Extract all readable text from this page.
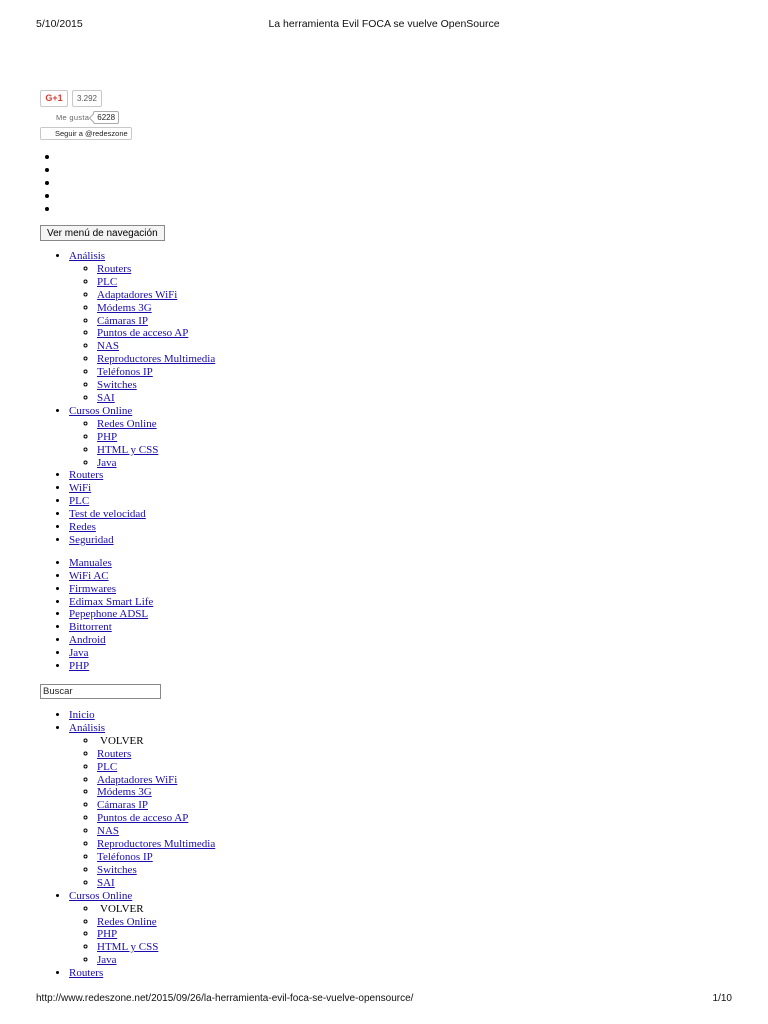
5/10/2015	La herramienta Evil FOCA se vuelve OpenSource
G+1	3.292
Me gusta	6228
Seguir a @redeszone
•
•
•
•
•
Ver menú de navegación
• Análisis
◦ Routers
◦ PLC
◦ Adaptadores WiFi
◦ Módems 3G
◦ Cámaras IP
◦ Puntos de acceso AP
◦ NAS
◦ Reproductores Multimedia
◦ Teléfonos IP
◦ Switches
◦ SAI
• Cursos Online
◦ Redes Online
◦ PHP
◦ HTML y CSS
◦ Java
• Routers
• WiFi
• PLC
• Test de velocidad
• Redes
• Seguridad
• Manuales
• WiFi AC
• Firmwares
• Edimax Smart Life
• Pepephone ADSL
• Bittorrent
• Android
• Java
• PHP
Buscar
• Inicio
• Análisis
◦ VOLVER
◦ Routers
◦ PLC
◦ Adaptadores WiFi
◦ Módems 3G
◦ Cámaras IP
◦ Puntos de acceso AP
◦ NAS
◦ Reproductores Multimedia
◦ Teléfonos IP
◦ Switches
◦ SAI
• Cursos Online
◦ VOLVER
◦ Redes Online
◦ PHP
◦ HTML y CSS
◦ Java
• Routers
http://www.redeszone.net/2015/09/26/la-herramienta-evil-foca-se-vuelve-opensource/	1/10
